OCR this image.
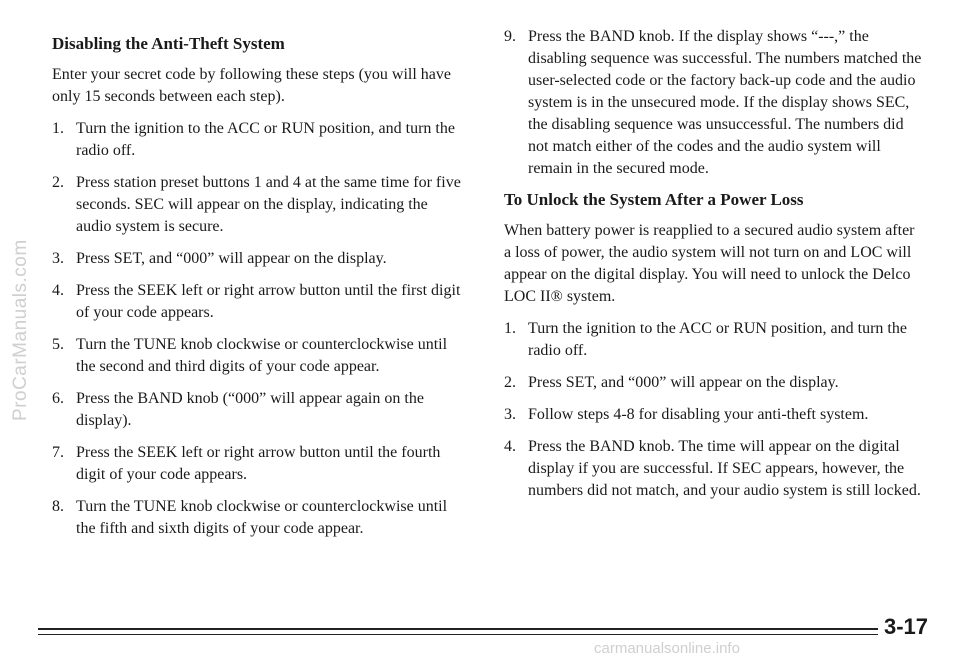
ProCarManuals.com
Disabling the Anti-Theft System

Enter your secret code by following these steps (you will have only 15 seconds between each step).

1. Turn the ignition to the ACC or RUN position, and turn the radio off.
2. Press station preset buttons 1 and 4 at the same time for five seconds. SEC will appear on the display, indicating the audio system is secure.
3. Press SET, and “000” will appear on the display.
4. Press the SEEK left or right arrow button until the first digit of your code appears.
5. Turn the TUNE knob clockwise or counterclockwise until the second and third digits of your code appear.
6. Press the BAND knob (“000” will appear again on the display).
7. Press the SEEK left or right arrow button until the fourth digit of your code appears.
8. Turn the TUNE knob clockwise or counterclockwise until the fifth and sixth digits of your code appear.
9. Press the BAND knob. If the display shows “---,” the disabling sequence was successful. The numbers matched the user-selected code or the factory back-up code and the audio system is in the unsecured mode. If the display shows SEC, the disabling sequence was unsuccessful. The numbers did not match either of the codes and the audio system will remain in the secured mode.
To Unlock the System After a Power Loss

When battery power is reapplied to a secured audio system after a loss of power, the audio system will not turn on and LOC will appear on the digital display. You will need to unlock the Delco LOC II® system.

1. Turn the ignition to the ACC or RUN position, and turn the radio off.
2. Press SET, and “000” will appear on the display.
3. Follow steps 4-8 for disabling your anti-theft system.
4. Press the BAND knob. The time will appear on the digital display if you are successful. If SEC appears, however, the numbers did not match, and your audio system is still locked.
3-17
carmanualsonline.info
